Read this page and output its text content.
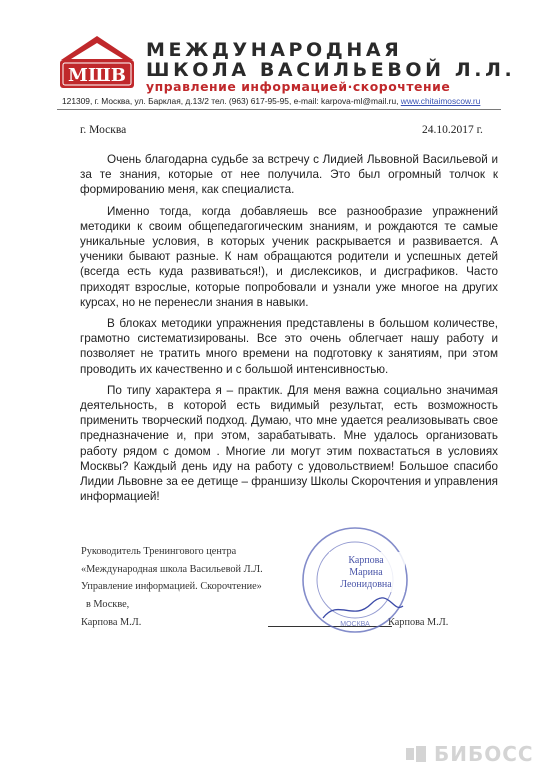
МШВ
МЕЖДУНАРОДНАЯ
ШКОЛА ВАСИЛЬЕВОЙ Л.Л.
управление информацией·скорочтение
121309, г. Москва, ул. Барклая, д.13/2 тел. (963) 617-95-95, e-mail: karpova-ml@mail.ru, www.chitaimoscow.ru
г. Москва	24.10.2017 г.

Очень благодарна судьбе за встречу с Лидией Львовной Васильевой и за те знания, которые от нее получила. Это был огромный толчок к формированию меня, как специалиста.

Именно тогда, когда добавляешь все разнообразие упражнений методики к своим общепедагогическим знаниям, и рождаются те самые уникальные условия, в которых ученик раскрывается и развивается. А ученики бывают разные. К нам обращаются родители и успешных детей (всегда есть куда развиваться!), и дислексиков, и дисграфиков. Часто приходят взрослые, которые попробовали и узнали уже многое на других курсах, но не перенесли знания в навыки.

В блоках методики упражнения представлены в большом количестве, грамотно систематизированы. Все это очень облегчает нашу работу и позволяет не тратить много времени на подготовку к занятиям, при этом проводить их качественно и с большой интенсивностью.

По типу характера я – практик. Для меня важна социально значимая деятельность, в которой есть видимый результат, есть возможность применить творческий подход. Думаю, что мне удается реализовывать свое предназначение и, при этом, зарабатывать. Мне удалось организовать работу рядом с домом . Многие ли могут этим похвастаться в условиях Москвы? Каждый день иду на работу с удовольствием! Большое спасибо Лидии Львовне за ее детище – франшизу Школы Скорочтения и управления информацией!

Руководитель Тренингового центра
«Международная школа Васильевой Л.Л.
Управление информацией. Скорочтение»
в Москве,
Карпова М.Л.	Карпова М.Л.
Карпова
Марина
Леонидовна
МОСКВА
БИБОСС
